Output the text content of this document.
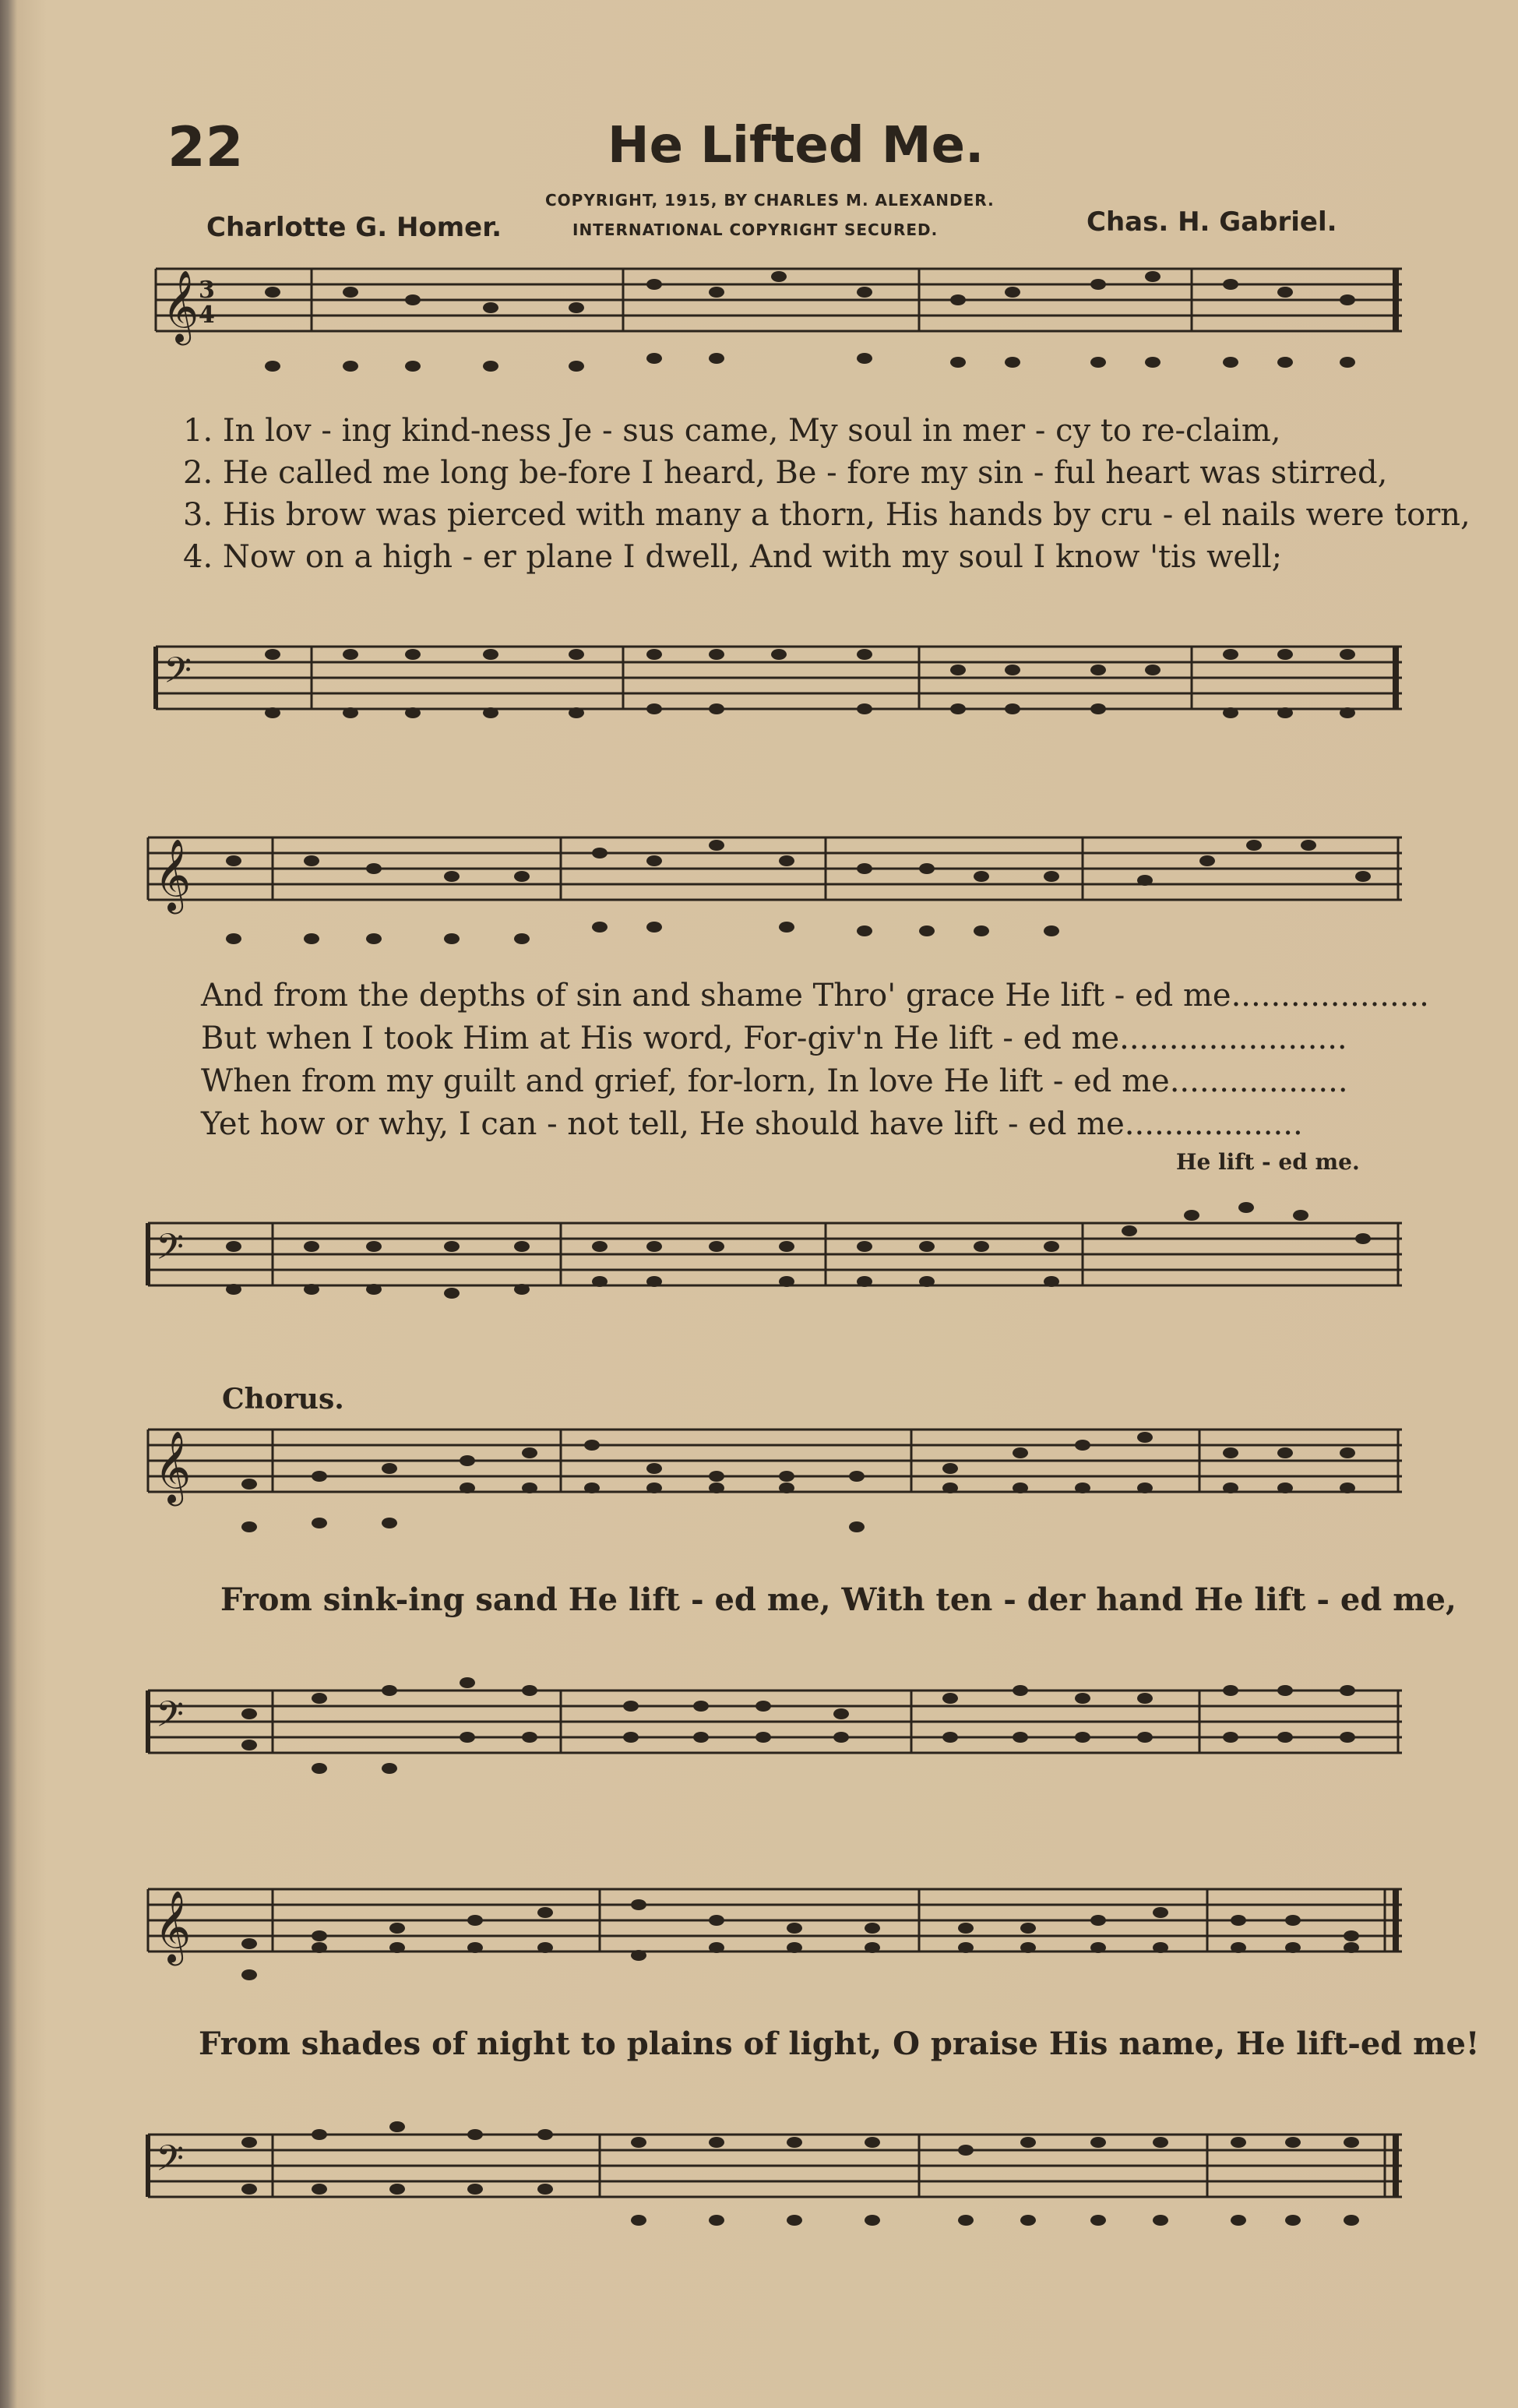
22	He Lifted Me.
Charlotte G. Homer.
COPYRIGHT, 1915, BY CHARLES M. ALEXANDER.
INTERNATIONAL COPYRIGHT SECURED.	Chas. H. Gabriel.
𝄞 3
4
1. In lov - ing kind-ness Je - sus came, My soul in mer - cy to re-claim,
2. He called me long be-fore I heard, Be - fore my sin - ful heart was stirred,
3. His brow was pierced with many a thorn, His hands by cru - el nails were torn,
4. Now on a high - er plane I dwell, And with my soul I know 'tis well;
𝄢
𝄞
And from the depths of sin and shame Thro' grace He lift - ed me....................
But when I took Him at His word, For-giv'n He lift - ed me.......................
When from my guilt and grief, for-lorn, In love He lift - ed me..................
Yet how or why, I can - not tell, He should have lift - ed me..................
He lift - ed me.
𝄢
Chorus.
𝄞
From sink-ing sand He lift - ed me, With ten - der hand He lift - ed me,
𝄢
𝄞
From shades of night to plains of light, O praise His name, He lift-ed me!
𝄢
